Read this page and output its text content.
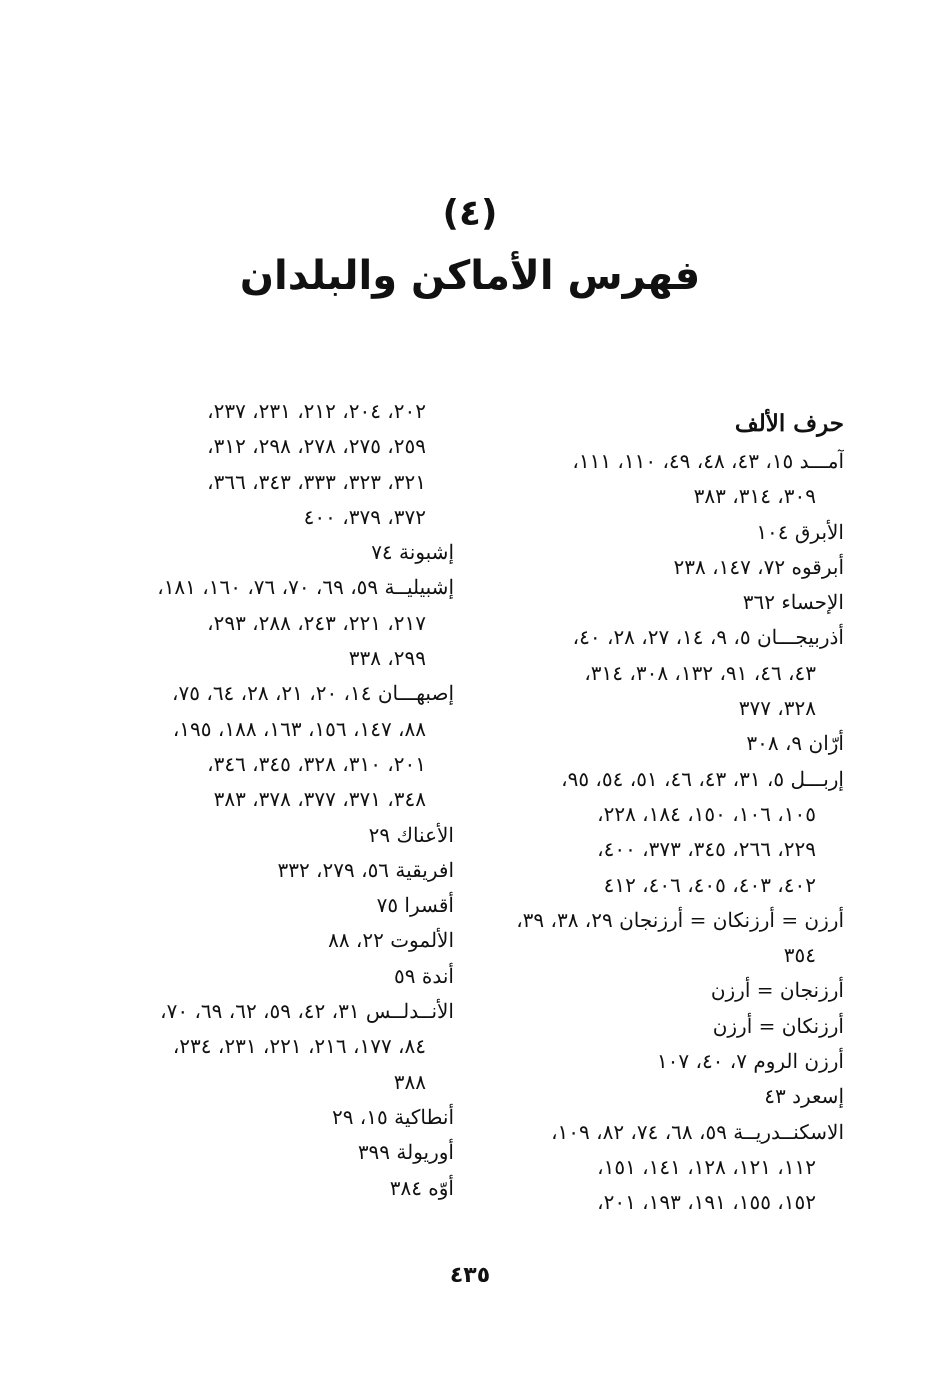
(٤)
فهرس الأماكن والبلدان
حرف الألف
آمـــد ١٥، ٤٣، ٤٨، ٤٩، ١١٠، ١١١،
٣٠٩، ٣١٤، ٣٨٣
الأبرق ١٠٤
أبرقوه ٧٢، ١٤٧، ٢٣٨
الإحساء ٣٦٢
أذربيجـــان ٥، ٩، ١٤، ٢٧، ٢٨، ٤٠،
٤٣، ٤٦، ٩١، ١٣٢، ٣٠٨، ٣١٤،
٣٢٨، ٣٧٧
أرّان ٩، ٣٠٨
إربـــل ٥، ٣١، ٤٣، ٤٦، ٥١، ٥٤، ٩٥،
١٠٥، ١٠٦، ١٥٠، ١٨٤، ٢٢٨،
٢٢٩، ٢٦٦، ٣٤٥، ٣٧٣، ٤٠٠،
٤٠٢، ٤٠٣، ٤٠٥، ٤٠٦، ٤١٢
أرزن = أرزنكان = أرزنجان ٢٩، ٣٨، ٣٩،
٣٥٤
أرزنجان = أرزن
أرزنكان = أرزن
أرزن الروم ٧، ٤٠، ١٠٧
إسعرد ٤٣
الاسكنــدريــة ٥٩، ٦٨، ٧٤، ٨٢، ١٠٩،
١١٢، ١٢١، ١٢٨، ١٤١، ١٥١،
١٥٢، ١٥٥، ١٩١، ١٩٣، ٢٠١،
٢٠٢، ٢٠٤، ٢١٢، ٢٣١، ٢٣٧،
٢٥٩، ٢٧٥، ٢٧٨، ٢٩٨، ٣١٢،
٣٢١، ٣٢٣، ٣٣٣، ٣٤٣، ٣٦٦،
٣٧٢، ٣٧٩، ٤٠٠
إشبونة ٧٤
إشبيليــة ٥٩، ٦٩، ٧٠، ٧٦، ١٦٠، ١٨١،
٢١٧، ٢٢١، ٢٤٣، ٢٨٨، ٢٩٣،
٢٩٩، ٣٣٨
إصبهـــان ١٤، ٢٠، ٢١، ٢٨، ٦٤، ٧٥،
٨٨، ١٤٧، ١٥٦، ١٦٣، ١٨٨، ١٩٥،
٢٠١، ٣١٠، ٣٢٨، ٣٤٥، ٣٤٦،
٣٤٨، ٣٧١، ٣٧٧، ٣٧٨، ٣٨٣
الأعناك ٢٩
افريقية ٥٦، ٢٧٩، ٣٣٢
أقسرا ٧٥
الألموت ٢٢، ٨٨
أندة ٥٩
الأنــدلــس ٣١، ٤٢، ٥٩، ٦٢، ٦٩، ٧٠،
٨٤، ١٧٧، ٢١٦، ٢٢١، ٢٣١، ٢٣٤،
٣٨٨
أنطاكية ١٥، ٢٩
أوريولة ٣٩٩
أوّه ٣٨٤
٤٣٥
